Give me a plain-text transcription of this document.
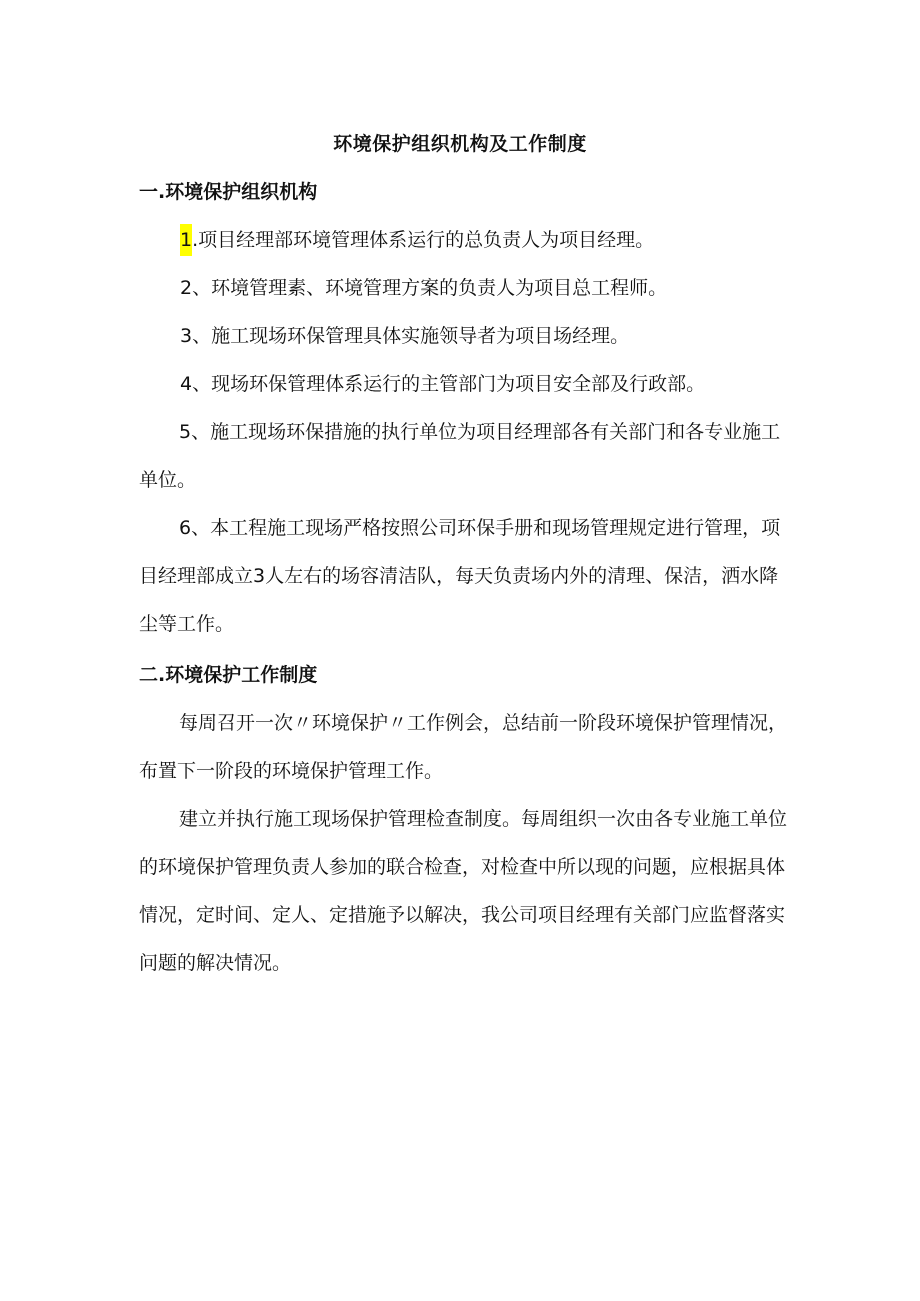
环境保护组织机构及工作制度
一.环境保护组织机构
1.项目经理部环境管理体系运行的总负责人为项目经理。
2、环境管理素、环境管理方案的负责人为项目总工程师。
3、施工现场环保管理具体实施领导者为项目场经理。
4、现场环保管理体系运行的主管部门为项目安全部及行政部。

5、施工现场环保措施的执行单位为项目经理部各有关部门和各专业施工单位。

6、本工程施工现场严格按照公司环保手册和现场管理规定进行管理，项目经理部成立3人左右的场容清洁队，每天负责场内外的清理、保洁，洒水降尘等工作。

二.环境保护工作制度

每周召开一次〃环境保护〃工作例会，总结前一阶段环境保护管理情况，布置下一阶段的环境保护管理工作。

建立并执行施工现场保护管理检查制度。每周组织一次由各专业施工单位的环境保护管理负责人参加的联合检查，对检查中所以现的问题，应根据具体情况，定时间、定人、定措施予以解决，我公司项目经理有关部门应监督落实问题的解决情况。
